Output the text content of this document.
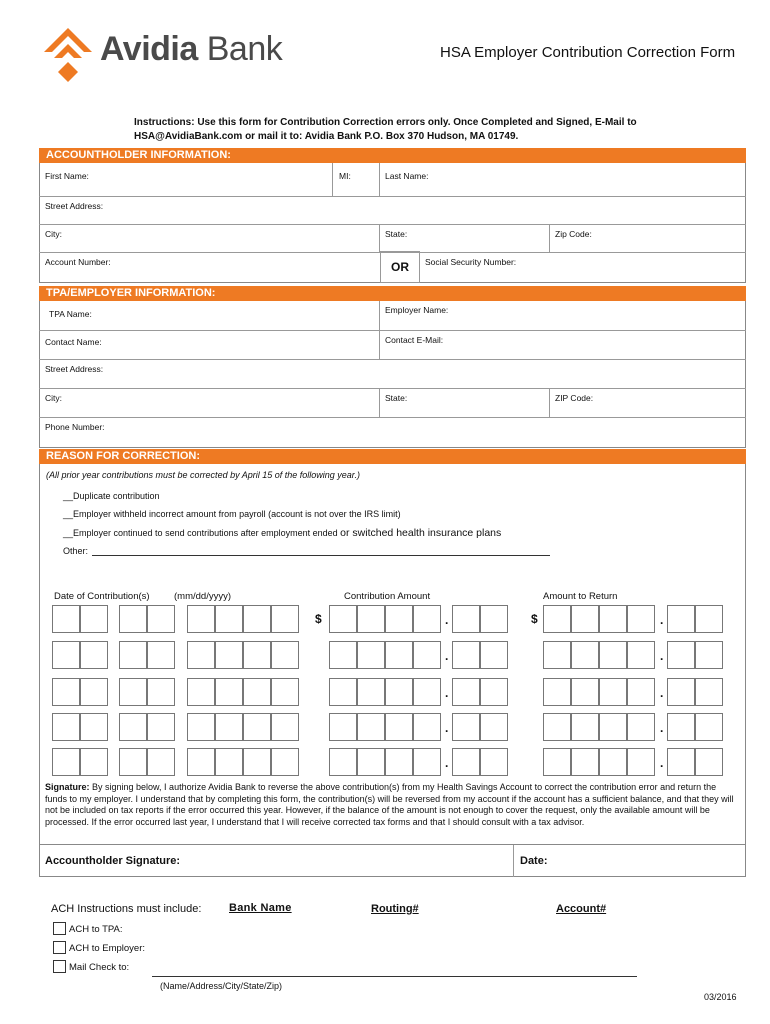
Avidia Bank	HSA Employer Contribution Correction Form
Instructions: Use this form for Contribution Correction errors only. Once Completed and Signed, E-Mail to
HSA@AvidiaBank.com or mail it to: Avidia Bank P.O. Box 370 Hudson, MA 01749.
ACCOUNTHOLDER INFORMATION:
First Name:	MI:	Last Name:
Street Address:
City:	State:	Zip Code:
Account Number:	Social Security Number:
OR
TPA/EMPLOYER INFORMATION:
TPA Name:	Employer Name:
Contact Name:	Contact E-Mail:
Street Address:
City:	State:	ZIP Code:
Phone Number:
REASON FOR CORRECTION:
(All prior year contributions must be corrected by April 15 of the following year.)
__Duplicate contribution
__Employer withheld incorrect amount from payroll (account is not over the IRS limit)
__Employer continued to send contributions after employment ended or switched health insurance plans
Other:
Date of Contribution(s)	(mm/dd/yyyy)	Contribution Amount	Amount to Return
$	$
.	.
.	.
.	.
.	.
.	.
Signature: By signing below, I authorize Avidia Bank to reverse the above contribution(s) from my Health Savings Account to correct the contribution error and return the funds to my employer. I understand that by completing this form, the contribution(s) will be reversed from my account if the account has a sufficient balance, and that they will not be included on tax reports if the error occurred this year. However, if the balance of the amount is not enough to cover the request, only the available amount will be processed. If the error occurred last year, I understand that I will receive corrected tax forms and that I should consult with a tax advisor.
Accountholder Signature:	Date:
ACH Instructions must include:	Bank Name	Routing#	Account#
ACH to TPA:
ACH to Employer:
Mail Check to:
(Name/Address/City/State/Zip)
03/2016
